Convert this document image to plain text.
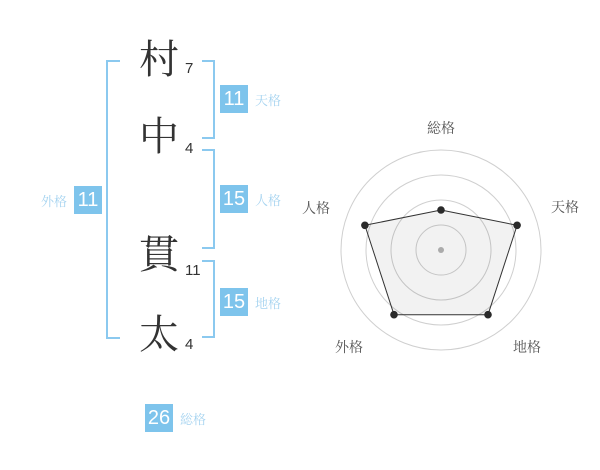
村
中
貫
太
7
4
11
4
11 天格
15 人格
15 地格
外格 11
26 総格
総格
天格
地格
外格
人格
